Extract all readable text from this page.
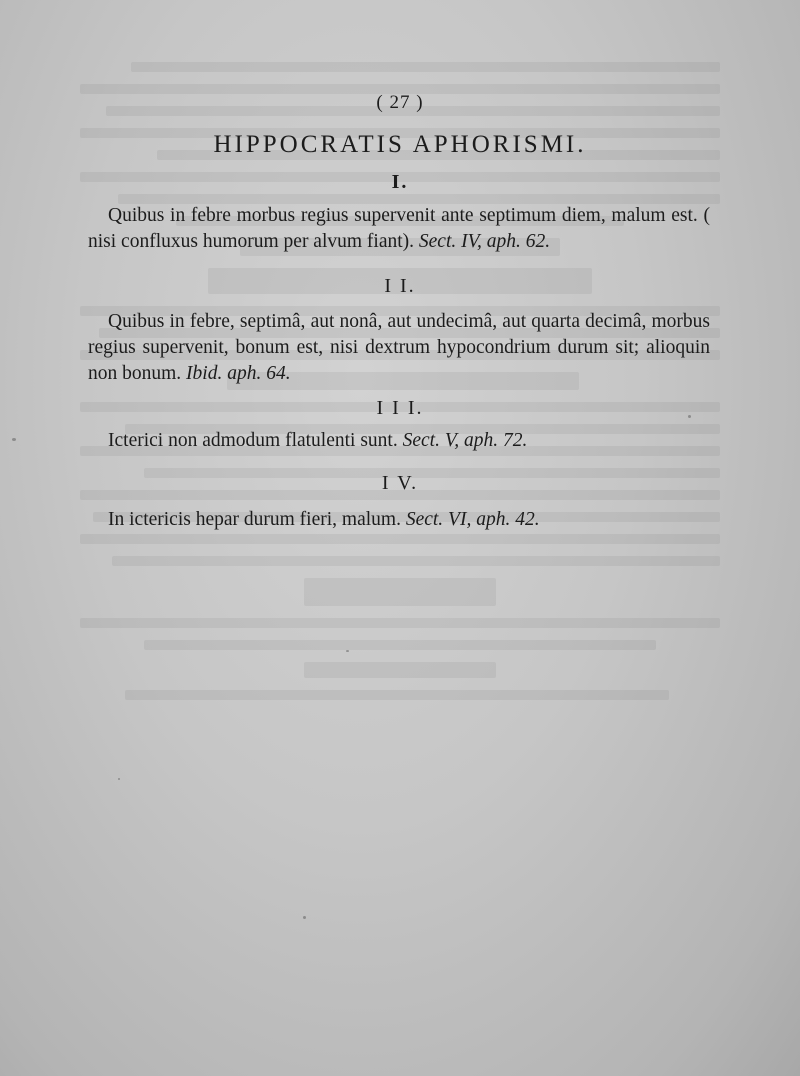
( 27 )
HIPPOCRATIS APHORISMI.
I.
Quibus in febre morbus regius supervenit ante septimum diem, malum est. ( nisi confluxus humorum per alvum fiant). Sect. IV, aph. 62.
I I.
Quibus in febre, septimâ, aut nonâ, aut undecimâ, aut quarta decimâ, morbus regius supervenit, bonum est, nisi dextrum hypocondrium durum sit; alioquin non bonum. Ibid. aph. 64.
I I I.
Icterici non admodum flatulenti sunt. Sect. V, aph. 72.
I V.
In ictericis hepar durum fieri, malum. Sect. VI, aph. 42.
